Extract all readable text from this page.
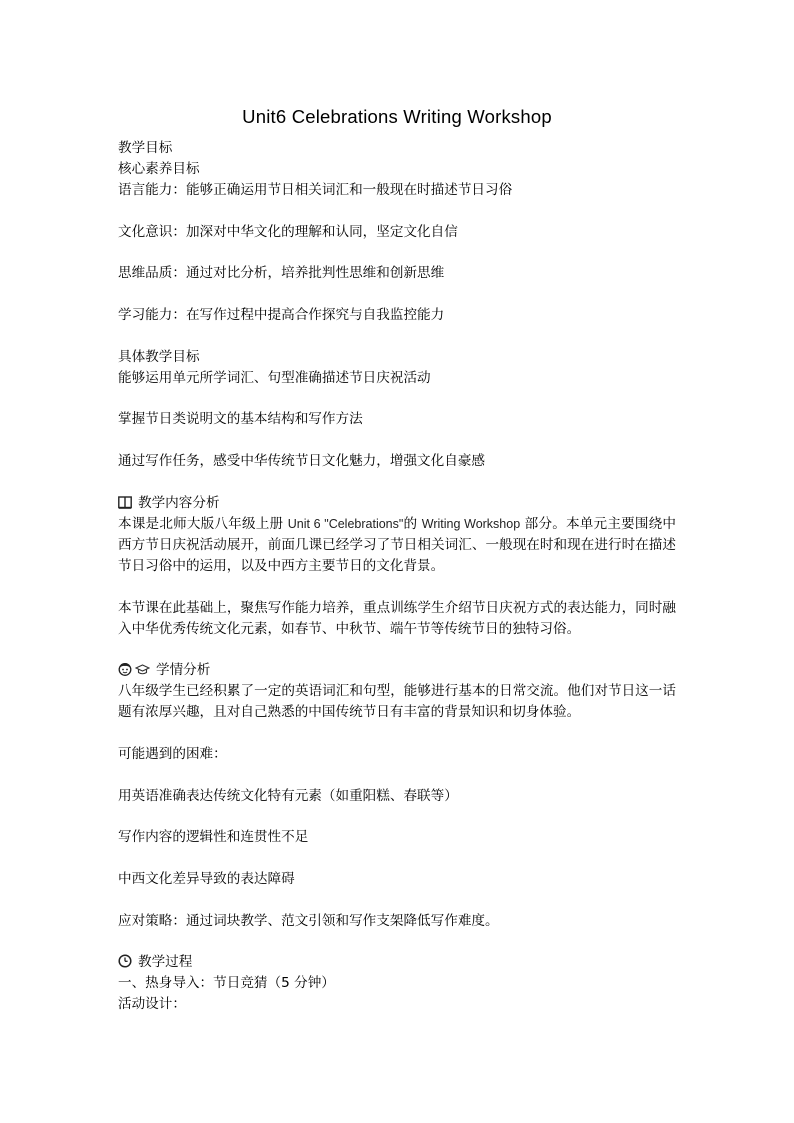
Unit6 Celebrations Writing Workshop

教学目标

核心素养目标

语言能力：能够正确运用节日相关词汇和一般现在时描述节日习俗

文化意识：加深对中华文化的理解和认同，坚定文化自信

思维品质：通过对比分析，培养批判性思维和创新思维

学习能力：在写作过程中提高合作探究与自我监控能力

具体教学目标

能够运用单元所学词汇、句型准确描述节日庆祝活动

掌握节日类说明文的基本结构和写作方法

通过写作任务，感受中华传统节日文化魅力，增强文化自豪感

教学内容分析

本课是北师大版八年级上册 Unit 6 "Celebrations"的 Writing Workshop 部分。本单元主要围绕中西方节日庆祝活动展开，前面几课已经学习了节日相关词汇、一般现在时和现在进行时在描述节日习俗中的运用，以及中西方主要节日的文化背景。

本节课在此基础上，聚焦写作能力培养，重点训练学生介绍节日庆祝方式的表达能力，同时融入中华优秀传统文化元素，如春节、中秋节、端午节等传统节日的独特习俗。

学情分析

八年级学生已经积累了一定的英语词汇和句型，能够进行基本的日常交流。他们对节日这一话题有浓厚兴趣，且对自己熟悉的中国传统节日有丰富的背景知识和切身体验。

可能遇到的困难：

用英语准确表达传统文化特有元素（如重阳糕、春联等）

写作内容的逻辑性和连贯性不足

中西文化差异导致的表达障碍

应对策略：通过词块教学、范文引领和写作支架降低写作难度。

教学过程

一、热身导入：节日竞猜（5 分钟）

活动设计：
